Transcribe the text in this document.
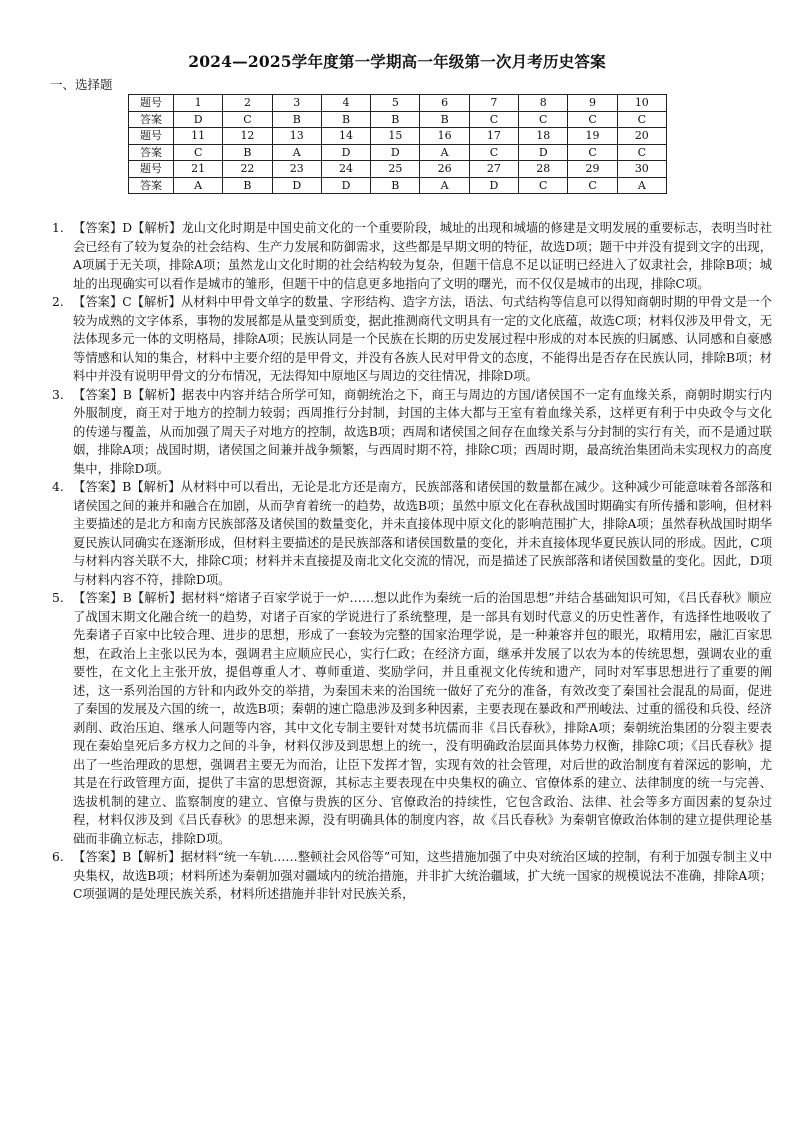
2024—2025学年度第一学期高一年级第一次月考历史答案
一、选择题
题号	1	2	3	4	5	6	7	8	9	10
答案	D	C	B	B	B	B	C	C	C	C
题号	11	12	13	14	15	16	17	18	19	20
答案	C	B	A	D	D	A	C	D	C	C
题号	21	22	23	24	25	26	27	28	29	30
答案	A	B	D	D	B	A	D	C	C	A
1. 【答案】D【解析】龙山文化时期是中国史前文化的一个重要阶段，城址的出现和城墙的修建是文明发展的重要标志，表明当时社会已经有了较为复杂的社会结构、生产力发展和防御需求，这些都是早期文明的特征，故选D项；题干中并没有提到文字的出现，A项属于无关项，排除A项；虽然龙山文化时期的社会结构较为复杂，但题干信息不足以证明已经进入了奴隶社会，排除B项；城址的出现确实可以看作是城市的雏形，但题干中的信息更多地指向了文明的曙光，而不仅仅是城市的出现，排除C项。
2. 【答案】C【解析】从材料中甲骨文单字的数量、字形结构、造字方法，语法、句式结构等信息可以得知商朝时期的甲骨文是一个较为成熟的文字体系，事物的发展都是从量变到质变，据此推测商代文明具有一定的文化底蕴，故选C项；材料仅涉及甲骨文，无法体现多元一体的文明格局，排除A项；民族认同是一个民族在长期的历史发展过程中形成的对本民族的归属感、认同感和自豪感等情感和认知的集合，材料中主要介绍的是甲骨文，并没有各族人民对甲骨文的态度，不能得出是否存在民族认同，排除B项；材料中并没有说明甲骨文的分布情况，无法得知中原地区与周边的交往情况，排除D项。
3. 【答案】B【解析】据表中内容并结合所学可知，商朝统治之下，商王与周边的方国/诸侯国不一定有血缘关系，商朝时期实行内外服制度，商王对于地方的控制力较弱；西周推行分封制，封国的主体大都与王室有着血缘关系，这样更有利于中央政令与文化的传递与覆盖，从而加强了周天子对地方的控制，故选B项；西周和诸侯国之间存在血缘关系与分封制的实行有关，而不是通过联姻，排除A项；战国时期，诸侯国之间兼并战争频繁，与西周时期不符，排除C项；西周时期，最高统治集团尚未实现权力的高度集中，排除D项。
4. 【答案】B【解析】从材料中可以看出，无论是北方还是南方，民族部落和诸侯国的数量都在减少。这种减少可能意味着各部落和诸侯国之间的兼并和融合在加剧，从而孕育着统一的趋势，故选B项；虽然中原文化在春秋战国时期确实有所传播和影响，但材料主要描述的是北方和南方民族部落及诸侯国的数量变化，并未直接体现中原文化的影响范围扩大，排除A项；虽然春秋战国时期华夏民族认同确实在逐渐形成，但材料主要描述的是民族部落和诸侯国数量的变化，并未直接体现华夏民族认同的形成。因此，C项与材料内容关联不大，排除C项；材料并未直接提及南北文化交流的情况，而是描述了民族部落和诸侯国数量的变化。因此，D项与材料内容不符，排除D项。
5. 【答案】B【解析】据材料“熔诸子百家学说于一炉……想以此作为秦统一后的治国思想”并结合基础知识可知，《吕氏春秋》顺应了战国末期文化融合统一的趋势，对诸子百家的学说进行了系统整理，是一部具有划时代意义的历史性著作，有选择性地吸收了先秦诸子百家中比较合理、进步的思想，形成了一套较为完整的国家治理学说，是一种兼容并包的眼光，取精用宏，融汇百家思想，在政治上主张以民为本，强调君主应顺应民心，实行仁政；在经济方面，继承并发展了以农为本的传统思想，强调农业的重要性，在文化上主张开放，提倡尊重人才、尊师重道、奖励学问，并且重视文化传统和遗产，同时对军事思想进行了重要的阐述，这一系列治国的方针和内政外交的举措，为秦国未来的治国统一做好了充分的准备，有效改变了秦国社会混乱的局面，促进了秦国的发展及六国的统一，故选B项；秦朝的速亡隐患涉及到多种因素，主要表现在暴政和严刑峻法、过重的徭役和兵役、经济剥削、政治压迫、继承人问题等内容，其中文化专制主要针对焚书坑儒而非《吕氏春秋》，排除A项；秦朝统治集团的分裂主要表现在秦始皇死后多方权力之间的斗争，材料仅涉及到思想上的统一，没有明确政治层面具体势力权衡，排除C项；《吕氏春秋》提出了一些治理政的思想，强调君主要无为而治，让臣下发挥才智，实现有效的社会管理，对后世的政治制度有着深远的影响，尤其是在行政管理方面，提供了丰富的思想资源，其标志主要表现在中央集权的确立、官僚体系的建立、法律制度的统一与完善、选拔机制的建立、监察制度的建立、官僚与贵族的区分、官僚政治的持续性，它包含政治、法律、社会等多方面因素的复杂过程，材料仅涉及到《吕氏春秋》的思想来源，没有明确具体的制度内容，故《吕氏春秋》为秦朝官僚政治体制的建立提供理论基础而非确立标志，排除D项。
6. 【答案】B【解析】据材料“统一车轨……整顿社会风俗等”可知，这些措施加强了中央对统治区域的控制，有利于加强专制主义中央集权，故选B项；材料所述为秦朝加强对疆域内的统治措施，并非扩大统治疆域，扩大统一国家的规模说法不准确，排除A项；C项强调的是处理民族关系，材料所述措施并非针对民族关系，
